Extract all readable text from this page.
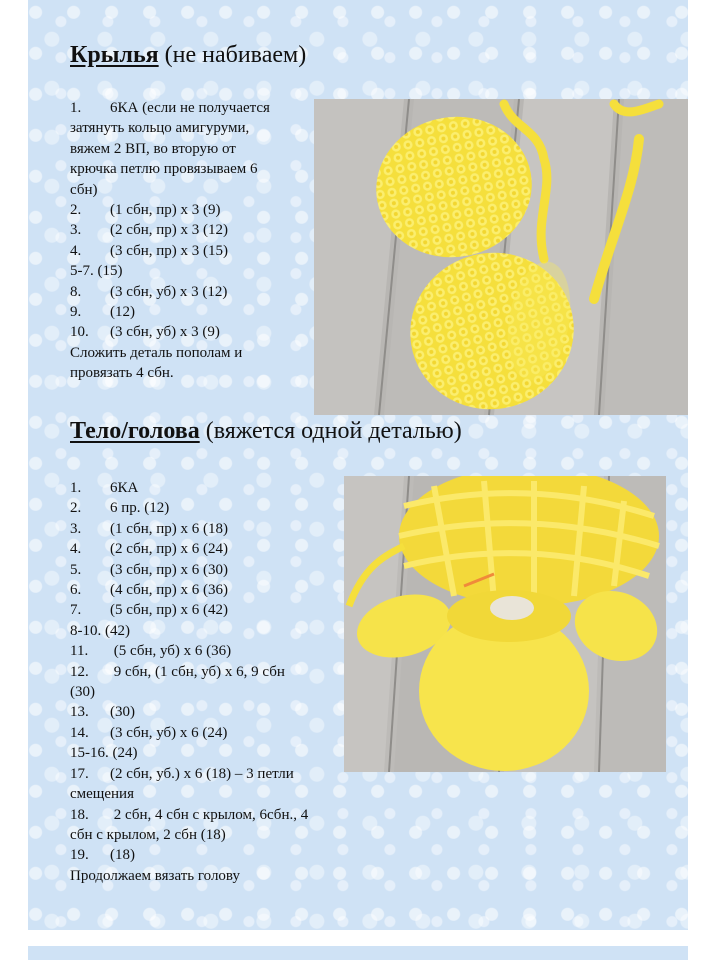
Крылья (не набиваем)
1. 6КА (если не получается
затянуть кольцо амигуруми,
вяжем 2 ВП, во вторую от
крючка петлю провязываем 6
сбн)
2. (1 сбн, пр) х 3 (9)
3. (2 сбн, пр) х 3 (12)
4. (3 сбн, пр) х 3 (15)
5-7. (15)
8. (3 сбн, уб) х 3 (12)
9. (12)
10. (3 сбн, уб) х 3 (9)
Сложить деталь пополам и
провязать 4 сбн.
Тело/голова (вяжется одной деталью)
1. 6КА
2. 6 пр. (12)
3. (1 сбн, пр) х 6 (18)
4. (2 сбн, пр) х 6 (24)
5. (3 сбн, пр) х 6 (30)
6. (4 сбн, пр) х 6 (36)
7. (5 сбн, пр) х 6 (42)
8-10. (42)
11. (5 сбн, уб) х 6 (36)
12. 9 сбн, (1 сбн, уб) х 6, 9 сбн
(30)
13. (30)
14. (3 сбн, уб) х 6 (24)
15-16. (24)
17. (2 сбн, уб.) х 6 (18) – 3 петли
смещения
18. 2 сбн, 4 сбн с крылом, 6сбн., 4
сбн с крылом, 2 сбн (18)
19. (18)
Продолжаем вязать голову
